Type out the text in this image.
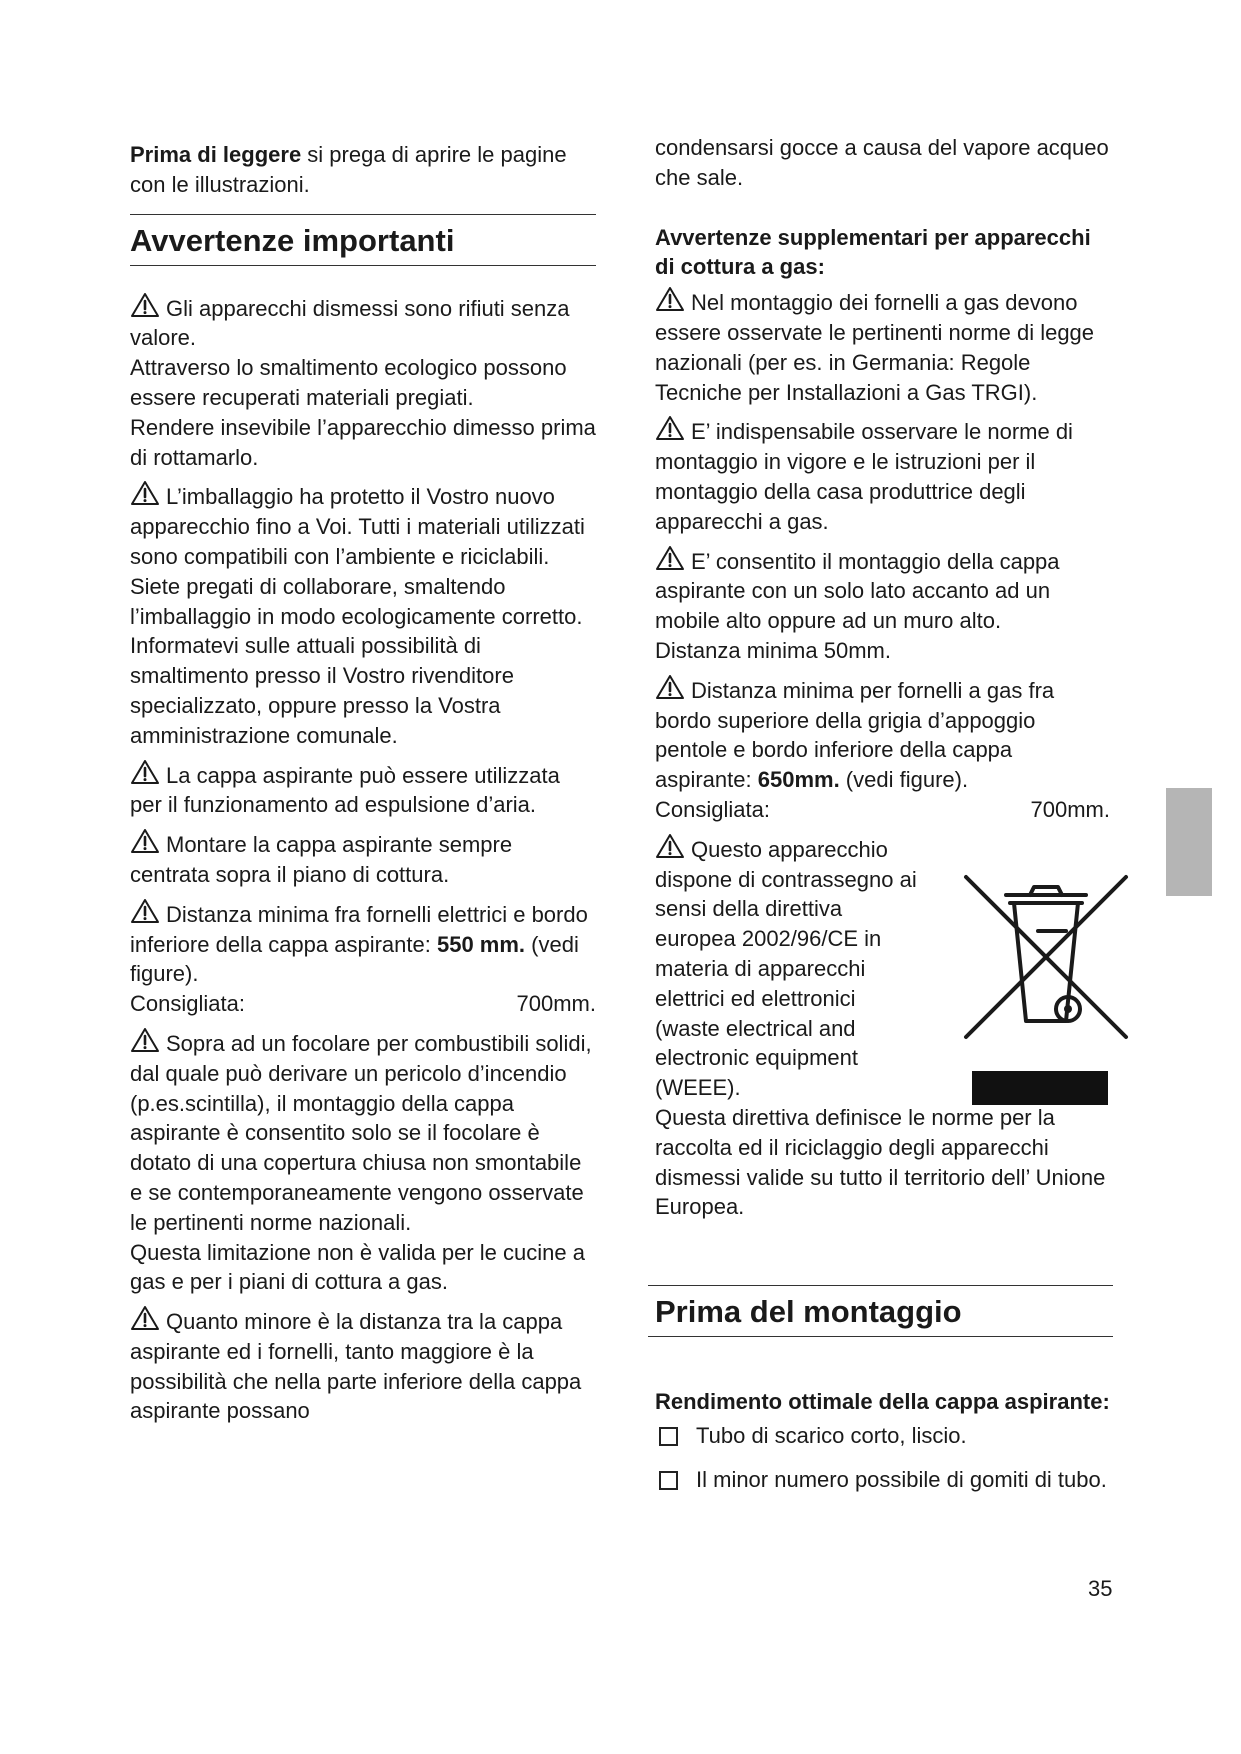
Prima di leggere si prega di aprire le pagine con le illustrazioni.

Avvertenze importanti

Gli apparecchi dismessi sono rifiuti senza valore.

Attraverso lo smaltimento ecologico possono essere recuperati materiali pregiati.

Rendere insevibile l’apparecchio dimesso prima di rottamarlo.

L’imballaggio ha protetto il Vostro nuovo apparecchio fino a Voi. Tutti i materiali utilizzati sono compatibili con l’ambiente e riciclabili. Siete pregati di collaborare, smaltendo l’imballaggio in modo ecologicamente corretto.

Informatevi sulle attuali possibilità di smaltimento presso il Vostro rivenditore specializzato, oppure presso la Vostra amministrazione comunale.

La cappa aspirante può essere utilizzata per il funzionamento ad espulsione d’aria.

Montare la cappa aspirante sempre centrata sopra il piano di cottura.

Distanza minima fra fornelli elettrici e bordo inferiore della cappa aspirante: 550 mm. (vedi figure).

Consigliata:	700mm.

Sopra ad un focolare per combustibili solidi, dal quale può derivare un pericolo d’incendio (p.es.scintilla), il montaggio della cappa aspirante è consentito solo se il focolare è dotato di una copertura chiusa non smontabile e se contemporaneamente vengono osservate le pertinenti norme nazionali.

Questa limitazione non è valida per le cucine a gas e per i piani di cottura a gas.

Quanto minore è la distanza tra la cappa aspirante ed i fornelli, tanto maggiore è la possibilità che nella parte inferiore della cappa aspirante possano

condensarsi gocce a causa del vapore acqueo che sale.

Avvertenze supplementari per apparecchi di cottura a gas:

Nel montaggio dei fornelli a gas devono essere osservate le pertinenti norme di legge nazionali (per es. in Germania: Regole Tecniche per Installazioni a Gas TRGI).

E’ indispensabile osservare le norme di montaggio in vigore e le istruzioni per il montaggio della casa produttrice degli apparecchi a gas.

E’ consentito il montaggio della cappa aspirante con un solo lato accanto ad un mobile alto oppure ad un muro alto.

Distanza minima 50mm.

Distanza minima per fornelli a gas fra bordo superiore della grigia d’appoggio pentole e bordo inferiore della cappa aspirante: 650mm. (vedi figure).

Consigliata:	700mm.

Questo apparecchio dispone di contrassegno ai sensi della direttiva europea 2002/96/CE in materia di apparecchi elettrici ed elettronici (waste electrical and electronic equipment (WEEE).

Questa direttiva definisce le norme per la raccolta ed il riciclaggio degli apparecchi dismessi valide su tutto il territorio dell’ Unione Europea.

Prima del montaggio

Rendimento ottimale della cappa aspirante:

Tubo di scarico corto, liscio.
Il minor numero possibile di gomiti di tubo.
35
